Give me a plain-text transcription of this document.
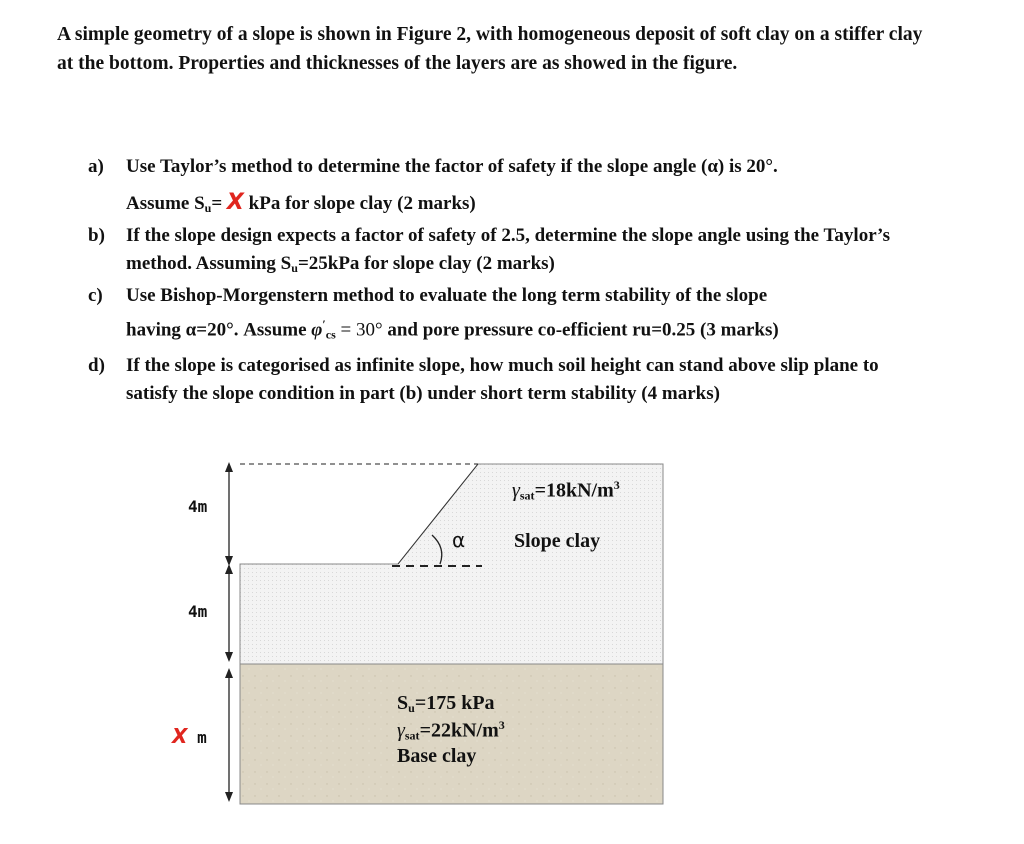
A simple geometry of a slope is shown in Figure 2, with homogeneous deposit of soft clay on a stiffer clay at the bottom. Properties and thicknesses of the layers are as showed in the figure.
a) Use Taylor’s method to determine the factor of safety if the slope angle (α) is 20°.
Assume $S_u= X$ kPa for slope clay (2 marks)
b) If the slope design expects a factor of safety of 2.5, determine the slope angle using the Taylor’s method. Assuming $S_u=25kPa$ for slope clay (2 marks)
c) Use Bishop-Morgenstern method to evaluate the long term stability of the slope
having α=20°. Assume $\varphi'_{cs} = 30^\circ$ and pore pressure co-efficient ru=0.25 (3 marks)
d) If the slope is categorised as infinite slope, how much soil height can stand above slip plane to satisfy the slope condition in part (b) under short term stability (4 marks)
4m
4m
X m
α
$\gamma_{sat}=18kN/m^3$
Slope clay
$S_u=175$ kPa
$\gamma_{sat}=22kN/m^3$
Base clay
